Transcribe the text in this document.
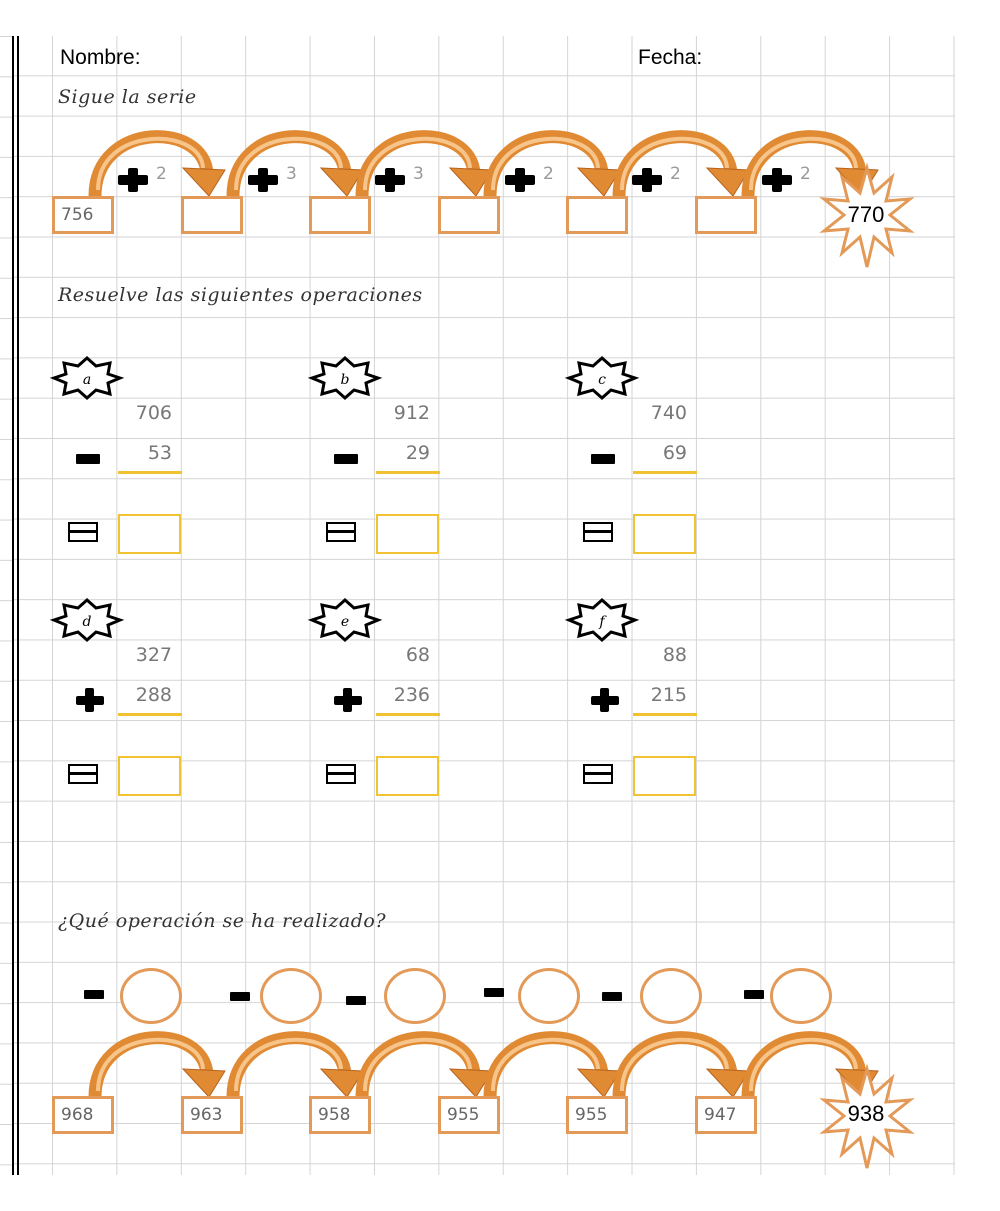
Nombre:	Fecha:
Sigue la serie
756	770
2	3	3	2	2	2
Resuelve las siguientes operaciones
a
706
53
b
912
29
c
740
69
d
327
288
e
68
236
f
88
215
¿Qué operación se ha realizado?
968	963	958	955	955	947	938
